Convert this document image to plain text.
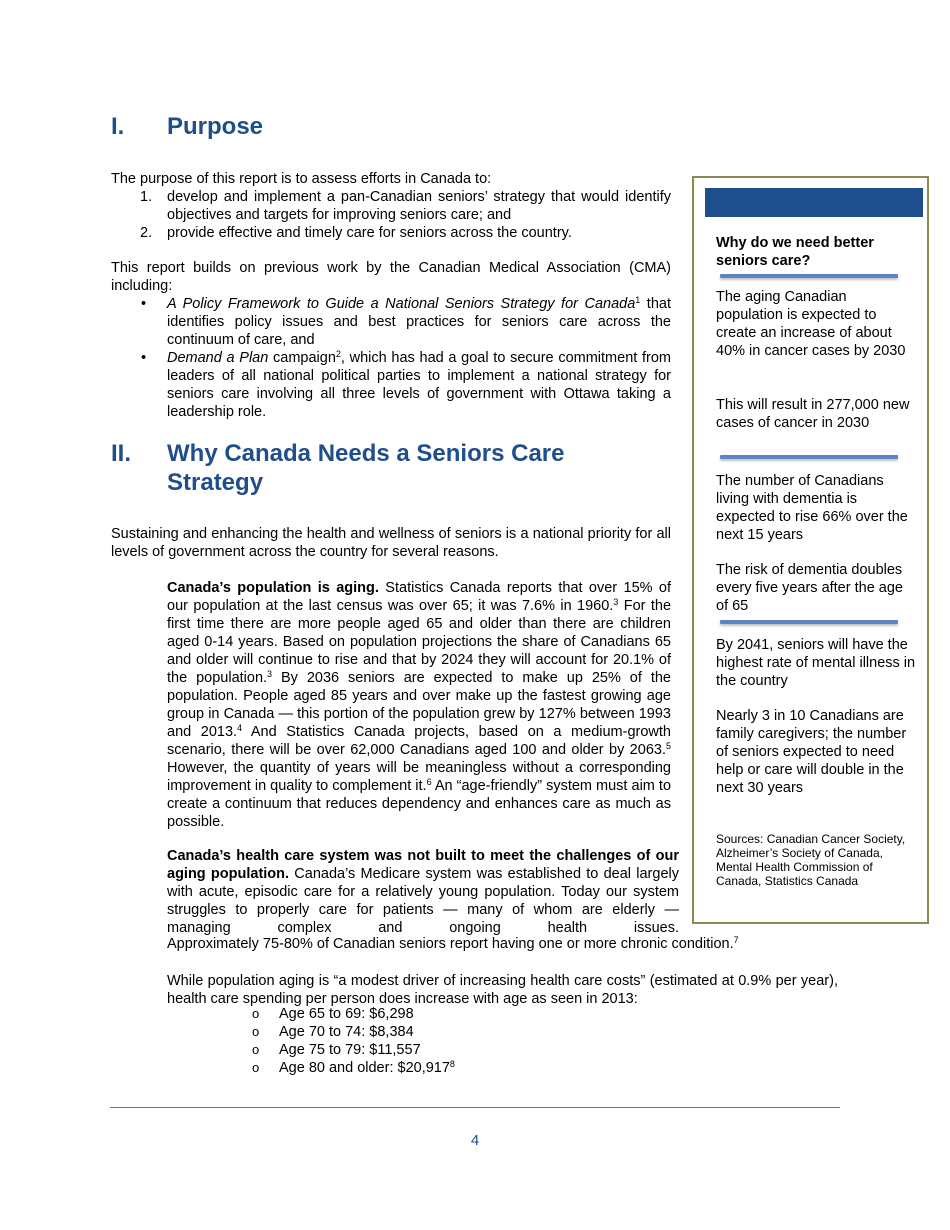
I. Purpose

The purpose of this report is to assess efforts in Canada to:

1. develop and implement a pan-Canadian seniors’ strategy that would identify objectives and targets for improving seniors care; and
2. provide effective and timely care for seniors across the country.

This report builds on previous work by the Canadian Medical Association (CMA) including:

• A Policy Framework to Guide a National Seniors Strategy for Canada$^1$ that identifies policy issues and best practices for seniors care across the continuum of care, and
• Demand a Plan campaign$^2$, which has had a goal to secure commitment from leaders of all national political parties to implement a national strategy for seniors care involving all three levels of government with Ottawa taking a leadership role.
II. Why Canada Needs a Seniors Care Strategy

Sustaining and enhancing the health and wellness of seniors is a national priority for all levels of government across the country for several reasons.

Canada’s population is aging. Statistics Canada reports that over 15% of our population at the last census was over 65; it was 7.6% in 1960.$^3$ For the first time there are more people aged 65 and older than there are children aged 0-14 years. Based on population projections the share of Canadians 65 and older will continue to rise and that by 2024 they will account for 20.1% of the population.$^3$ By 2036 seniors are expected to make up 25% of the population. People aged 85 years and over make up the fastest growing age group in Canada — this portion of the population grew by 127% between 1993 and 2013.$^4$ And Statistics Canada projects, based on a medium-growth scenario, there will be over 62,000 Canadians aged 100 and older by 2063.$^5$ However, the quantity of years will be meaningless without a corresponding improvement in quality to complement it.$^6$ An “age-friendly” system must aim to create a continuum that reduces dependency and enhances care as much as possible.

Canada’s health care system was not built to meet the challenges of our aging population. Canada’s Medicare system was established to deal largely with acute, episodic care for a relatively young population. Today our system struggles to properly care for patients — many of whom are elderly — managing complex and ongoing health issues.

Approximately 75-80% of Canadian seniors report having one or more chronic condition.$^7$

While population aging is “a modest driver of increasing health care costs” (estimated at 0.9% per year), health care spending per person does increase with age as seen in 2013:

o Age 65 to 69: $6,298
o Age 70 to 74: $8,384
o Age 75 to 79: $11,557
o Age 80 and older: $20,917$^8$
Why do we need better seniors care?
The aging Canadian population is expected to create an increase of about 40% in cancer cases by 2030
This will result in 277,000 new cases of cancer in 2030
The number of Canadians living with dementia is expected to rise 66% over the next 15 years
The risk of dementia doubles every five years after the age of 65
By 2041, seniors will have the highest rate of mental illness in the country
Nearly 3 in 10 Canadians are family caregivers; the number of seniors expected to need help or care will double in the next 30 years
Sources: Canadian Cancer Society, Alzheimer’s Society of Canada, Mental Health Commission of Canada, Statistics Canada
4
